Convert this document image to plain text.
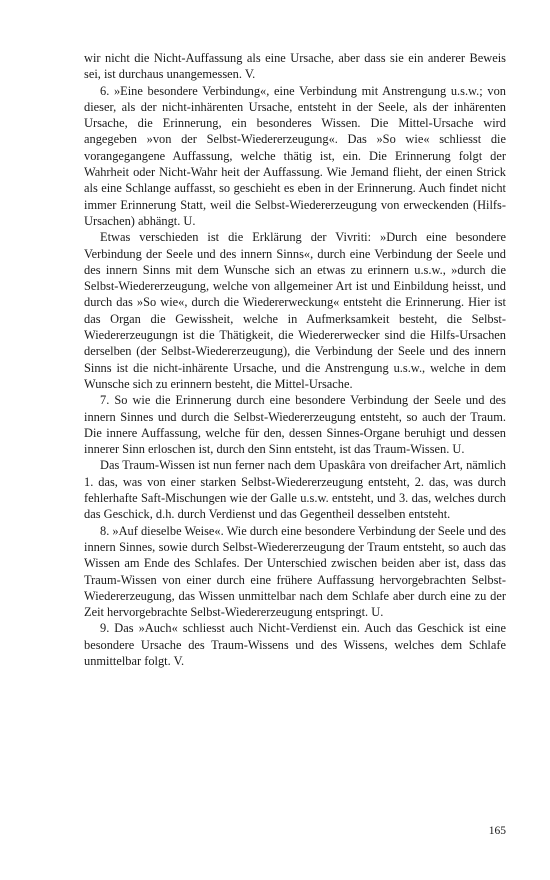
wir nicht die Nicht-Auffassung als eine Ursache, aber dass sie ein anderer Beweis sei, ist durchaus unangemessen. V.

6. »Eine besondere Verbindung«, eine Verbindung mit Anstrengung u.s.w.; von dieser, als der nicht-inhärenten Ursache, entsteht in der Seele, als der inhärenten Ursache, die Erinnerung, ein besonderes Wissen. Die Mittel-Ursache wird angegeben »von der Selbst-Wiedererzeugung«. Das »So wie« schliesst die vorangegangene Auffassung, welche thätig ist, ein. Die Erinnerung folgt der Wahrheit oder Nicht-Wahr heit der Auffassung. Wie Jemand flieht, der einen Strick als eine Schlange auffasst, so geschieht es eben in der Erinnerung. Auch findet nicht immer Erinnerung Statt, weil die Selbst-Wiedererzeugung von erweckenden (Hilfs-Ursachen) abhängt. U.

Etwas verschieden ist die Erklärung der Vivriti: »Durch eine besondere Verbindung der Seele und des innern Sinns«, durch eine Verbindung der Seele und des innern Sinns mit dem Wunsche sich an etwas zu erinnern u.s.w., »durch die Selbst-Wiedererzeugung, welche von allgemeiner Art ist und Einbildung heisst, und durch das »So wie«, durch die Wiedererweckung« entsteht die Erinnerung. Hier ist das Organ die Gewissheit, welche in Aufmerksamkeit besteht, die Selbst-Wiedererzeugungn ist die Thätigkeit, die Wiedererwecker sind die Hilfs-Ursachen derselben (der Selbst-Wiedererzeugung), die Verbindung der Seele und des innern Sinns ist die nicht-inhärente Ursache, und die Anstrengung u.s.w., welche in dem Wunsche sich zu erinnern besteht, die Mittel-Ursache.

7. So wie die Erinnerung durch eine besondere Verbindung der Seele und des innern Sinnes und durch die Selbst-Wiedererzeugung entsteht, so auch der Traum. Die innere Auffassung, welche für den, dessen Sinnes-Organe beruhigt und dessen innerer Sinn erloschen ist, durch den Sinn entsteht, ist das Traum-Wissen. U.

Das Traum-Wissen ist nun ferner nach dem Upaskâra von dreifacher Art, nämlich 1. das, was von einer starken Selbst-Wiedererzeugung entsteht, 2. das, was durch fehlerhafte Saft-Mischungen wie der Galle u.s.w. entsteht, und 3. das, welches durch das Geschick, d.h. durch Verdienst und das Gegentheil desselben entsteht.

8. »Auf dieselbe Weise«. Wie durch eine besondere Verbindung der Seele und des innern Sinnes, sowie durch Selbst-Wiedererzeugung der Traum entsteht, so auch das Wissen am Ende des Schlafes. Der Unterschied zwischen beiden aber ist, dass das Traum-Wissen von einer durch eine frühere Auffassung hervorgebrachten Selbst-Wiedererzeugung, das Wissen unmittelbar nach dem Schlafe aber durch eine zu der Zeit hervorgebrachte Selbst-Wiedererzeugung entspringt. U.

9. Das »Auch« schliesst auch Nicht-Verdienst ein. Auch das Geschick ist eine besondere Ursache des Traum-Wissens und des Wissens, welches dem Schlafe unmittelbar folgt. V.

165
